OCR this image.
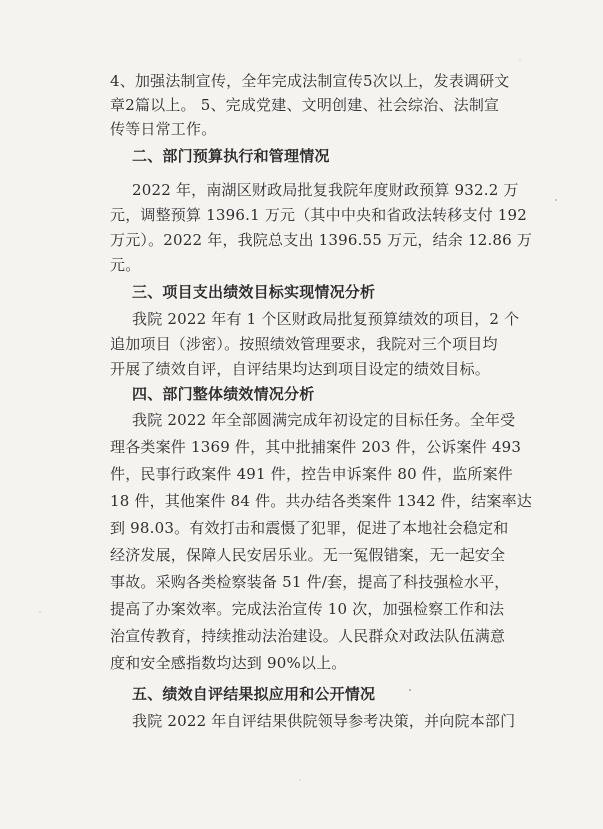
4、加强法制宣传，全年完成法制宣传5次以上，发表调研文
章2篇以上。 5、完成党建、文明创建、社会综治、法制宣
传等日常工作。
二、部门预算执行和管理情况
2022 年，南湖区财政局批复我院年度财政预算 932.2 万
元，调整预算 1396.1 万元（其中中央和省政法转移支付 192
万元）。2022 年，我院总支出 1396.55 万元，结余 12.86 万
元。
三、项目支出绩效目标实现情况分析
我院 2022 年有 1 个区财政局批复预算绩效的项目，2 个
追加项目（涉密）。按照绩效管理要求，我院对三个项目均
开展了绩效自评，自评结果均达到项目设定的绩效目标。
四、部门整体绩效情况分析
我院 2022 年全部圆满完成年初设定的目标任务。全年受
理各类案件 1369 件，其中批捕案件 203 件，公诉案件 493
件，民事行政案件 491 件，控告申诉案件 80 件，监所案件
18 件，其他案件 84 件。共办结各类案件 1342 件，结案率达
到 98.03。有效打击和震慑了犯罪，促进了本地社会稳定和
经济发展，保障人民安居乐业。无一冤假错案，无一起安全
事故。采购各类检察装备 51 件/套，提高了科技强检水平，
提高了办案效率。完成法治宣传 10 次，加强检察工作和法
治宣传教育，持续推动法治建设。人民群众对政法队伍满意
度和安全感指数均达到 90%以上。
五、绩效自评结果拟应用和公开情况
我院 2022 年自评结果供院领导参考决策，并向院本部门
